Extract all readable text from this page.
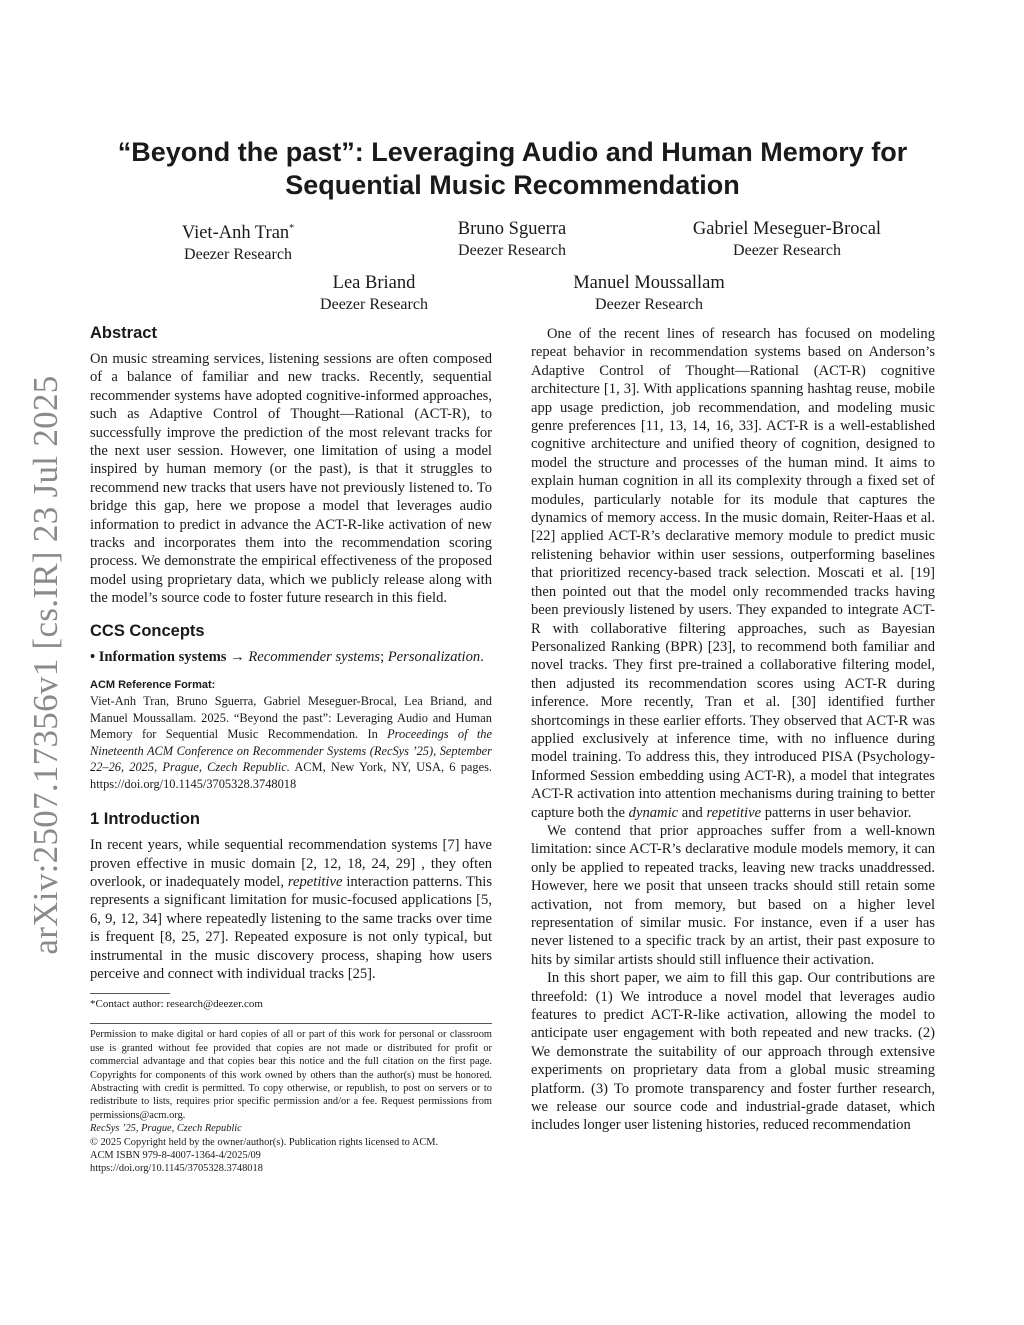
arXiv:2507.17356v1 [cs.IR] 23 Jul 2025
“Beyond the past”: Leveraging Audio and Human Memory for
Sequential Music Recommendation
Viet-Anh Tran*
Deezer Research
Bruno Sguerra
Deezer Research
Gabriel Meseguer-Brocal
Deezer Research
Lea Briand
Deezer Research
Manuel Moussallam
Deezer Research
Abstract

On music streaming services, listening sessions are often composed of a balance of familiar and new tracks. Recently, sequential recommender systems have adopted cognitive-informed approaches, such as Adaptive Control of Thought—Rational (ACT-R), to successfully improve the prediction of the most relevant tracks for the next user session. However, one limitation of using a model inspired by human memory (or the past), is that it struggles to recommend new tracks that users have not previously listened to. To bridge this gap, here we propose a model that leverages audio information to predict in advance the ACT-R-like activation of new tracks and incorporates them into the recommendation scoring process. We demonstrate the empirical effectiveness of the proposed model using proprietary data, which we publicly release along with the model’s source code to foster future research in this field.

CCS Concepts

• Information systems → Recommender systems; Personalization.

ACM Reference Format:

Viet-Anh Tran, Bruno Sguerra, Gabriel Meseguer-Brocal, Lea Briand, and Manuel Moussallam. 2025. “Beyond the past”: Leveraging Audio and Human Memory for Sequential Music Recommendation. In Proceedings of the Nineteenth ACM Conference on Recommender Systems (RecSys ’25), September 22–26, 2025, Prague, Czech Republic. ACM, New York, NY, USA, 6 pages. https://doi.org/10.1145/3705328.3748018

1 Introduction

In recent years, while sequential recommendation systems [7] have proven effective in music domain [2, 12, 18, 24, 29] , they often overlook, or inadequately model, repetitive interaction patterns. This represents a significant limitation for music-focused applications [5, 6, 9, 12, 34] where repeatedly listening to the same tracks over time is frequent [8, 25, 27]. Repeated exposure is not only typical, but instrumental in the music discovery process, shaping how users perceive and connect with individual tracks [25].

*Contact author: research@deezer.com
Permission to make digital or hard copies of all or part of this work for personal or classroom use is granted without fee provided that copies are not made or distributed for profit or commercial advantage and that copies bear this notice and the full citation on the first page. Copyrights for components of this work owned by others than the author(s) must be honored. Abstracting with credit is permitted. To copy otherwise, or republish, to post on servers or to redistribute to lists, requires prior specific permission and/or a fee. Request permissions from permissions@acm.org.
RecSys ’25, Prague, Czech Republic
© 2025 Copyright held by the owner/author(s). Publication rights licensed to ACM.
ACM ISBN 979-8-4007-1364-4/2025/09
https://doi.org/10.1145/3705328.3748018

One of the recent lines of research has focused on modeling repeat behavior in recommendation systems based on Anderson’s Adaptive Control of Thought—Rational (ACT-R) cognitive architecture [1, 3]. With applications spanning hashtag reuse, mobile app usage prediction, job recommendation, and modeling music genre preferences [11, 13, 14, 16, 33]. ACT-R is a well-established cognitive architecture and unified theory of cognition, designed to model the structure and processes of the human mind. It aims to explain human cognition in all its complexity through a fixed set of modules, particularly notable for its module that captures the dynamics of memory access. In the music domain, Reiter-Haas et al. [22] applied ACT-R’s declarative memory module to predict music relistening behavior within user sessions, outperforming baselines that prioritized recency-based track selection. Moscati et al. [19] then pointed out that the model only recommended tracks having been previously listened by users. They expanded to integrate ACT-R with collaborative filtering approaches, such as Bayesian Personalized Ranking (BPR) [23], to recommend both familiar and novel tracks. They first pre-trained a collaborative filtering model, then adjusted its recommendation scores using ACT-R during inference. More recently, Tran et al. [30] identified further shortcomings in these earlier efforts. They observed that ACT-R was applied exclusively at inference time, with no influence during model training. To address this, they introduced PISA (Psychology-Informed Session embedding using ACT-R), a model that integrates ACT-R activation into attention mechanisms during training to better capture both the dynamic and repetitive patterns in user behavior.

We contend that prior approaches suffer from a well-known limitation: since ACT-R’s declarative module models memory, it can only be applied to repeated tracks, leaving new tracks unaddressed. However, here we posit that unseen tracks should still retain some activation, not from memory, but based on a higher level representation of similar music. For instance, even if a user has never listened to a specific track by an artist, their past exposure to hits by similar artists should still influence their activation.

In this short paper, we aim to fill this gap. Our contributions are threefold: (1) We introduce a novel model that leverages audio features to predict ACT-R-like activation, allowing the model to anticipate user engagement with both repeated and new tracks. (2) We demonstrate the suitability of our approach through extensive experiments on proprietary data from a global music streaming platform. (3) To promote transparency and foster further research, we release our source code and industrial-grade dataset, which includes longer user listening histories, reduced recommendation
